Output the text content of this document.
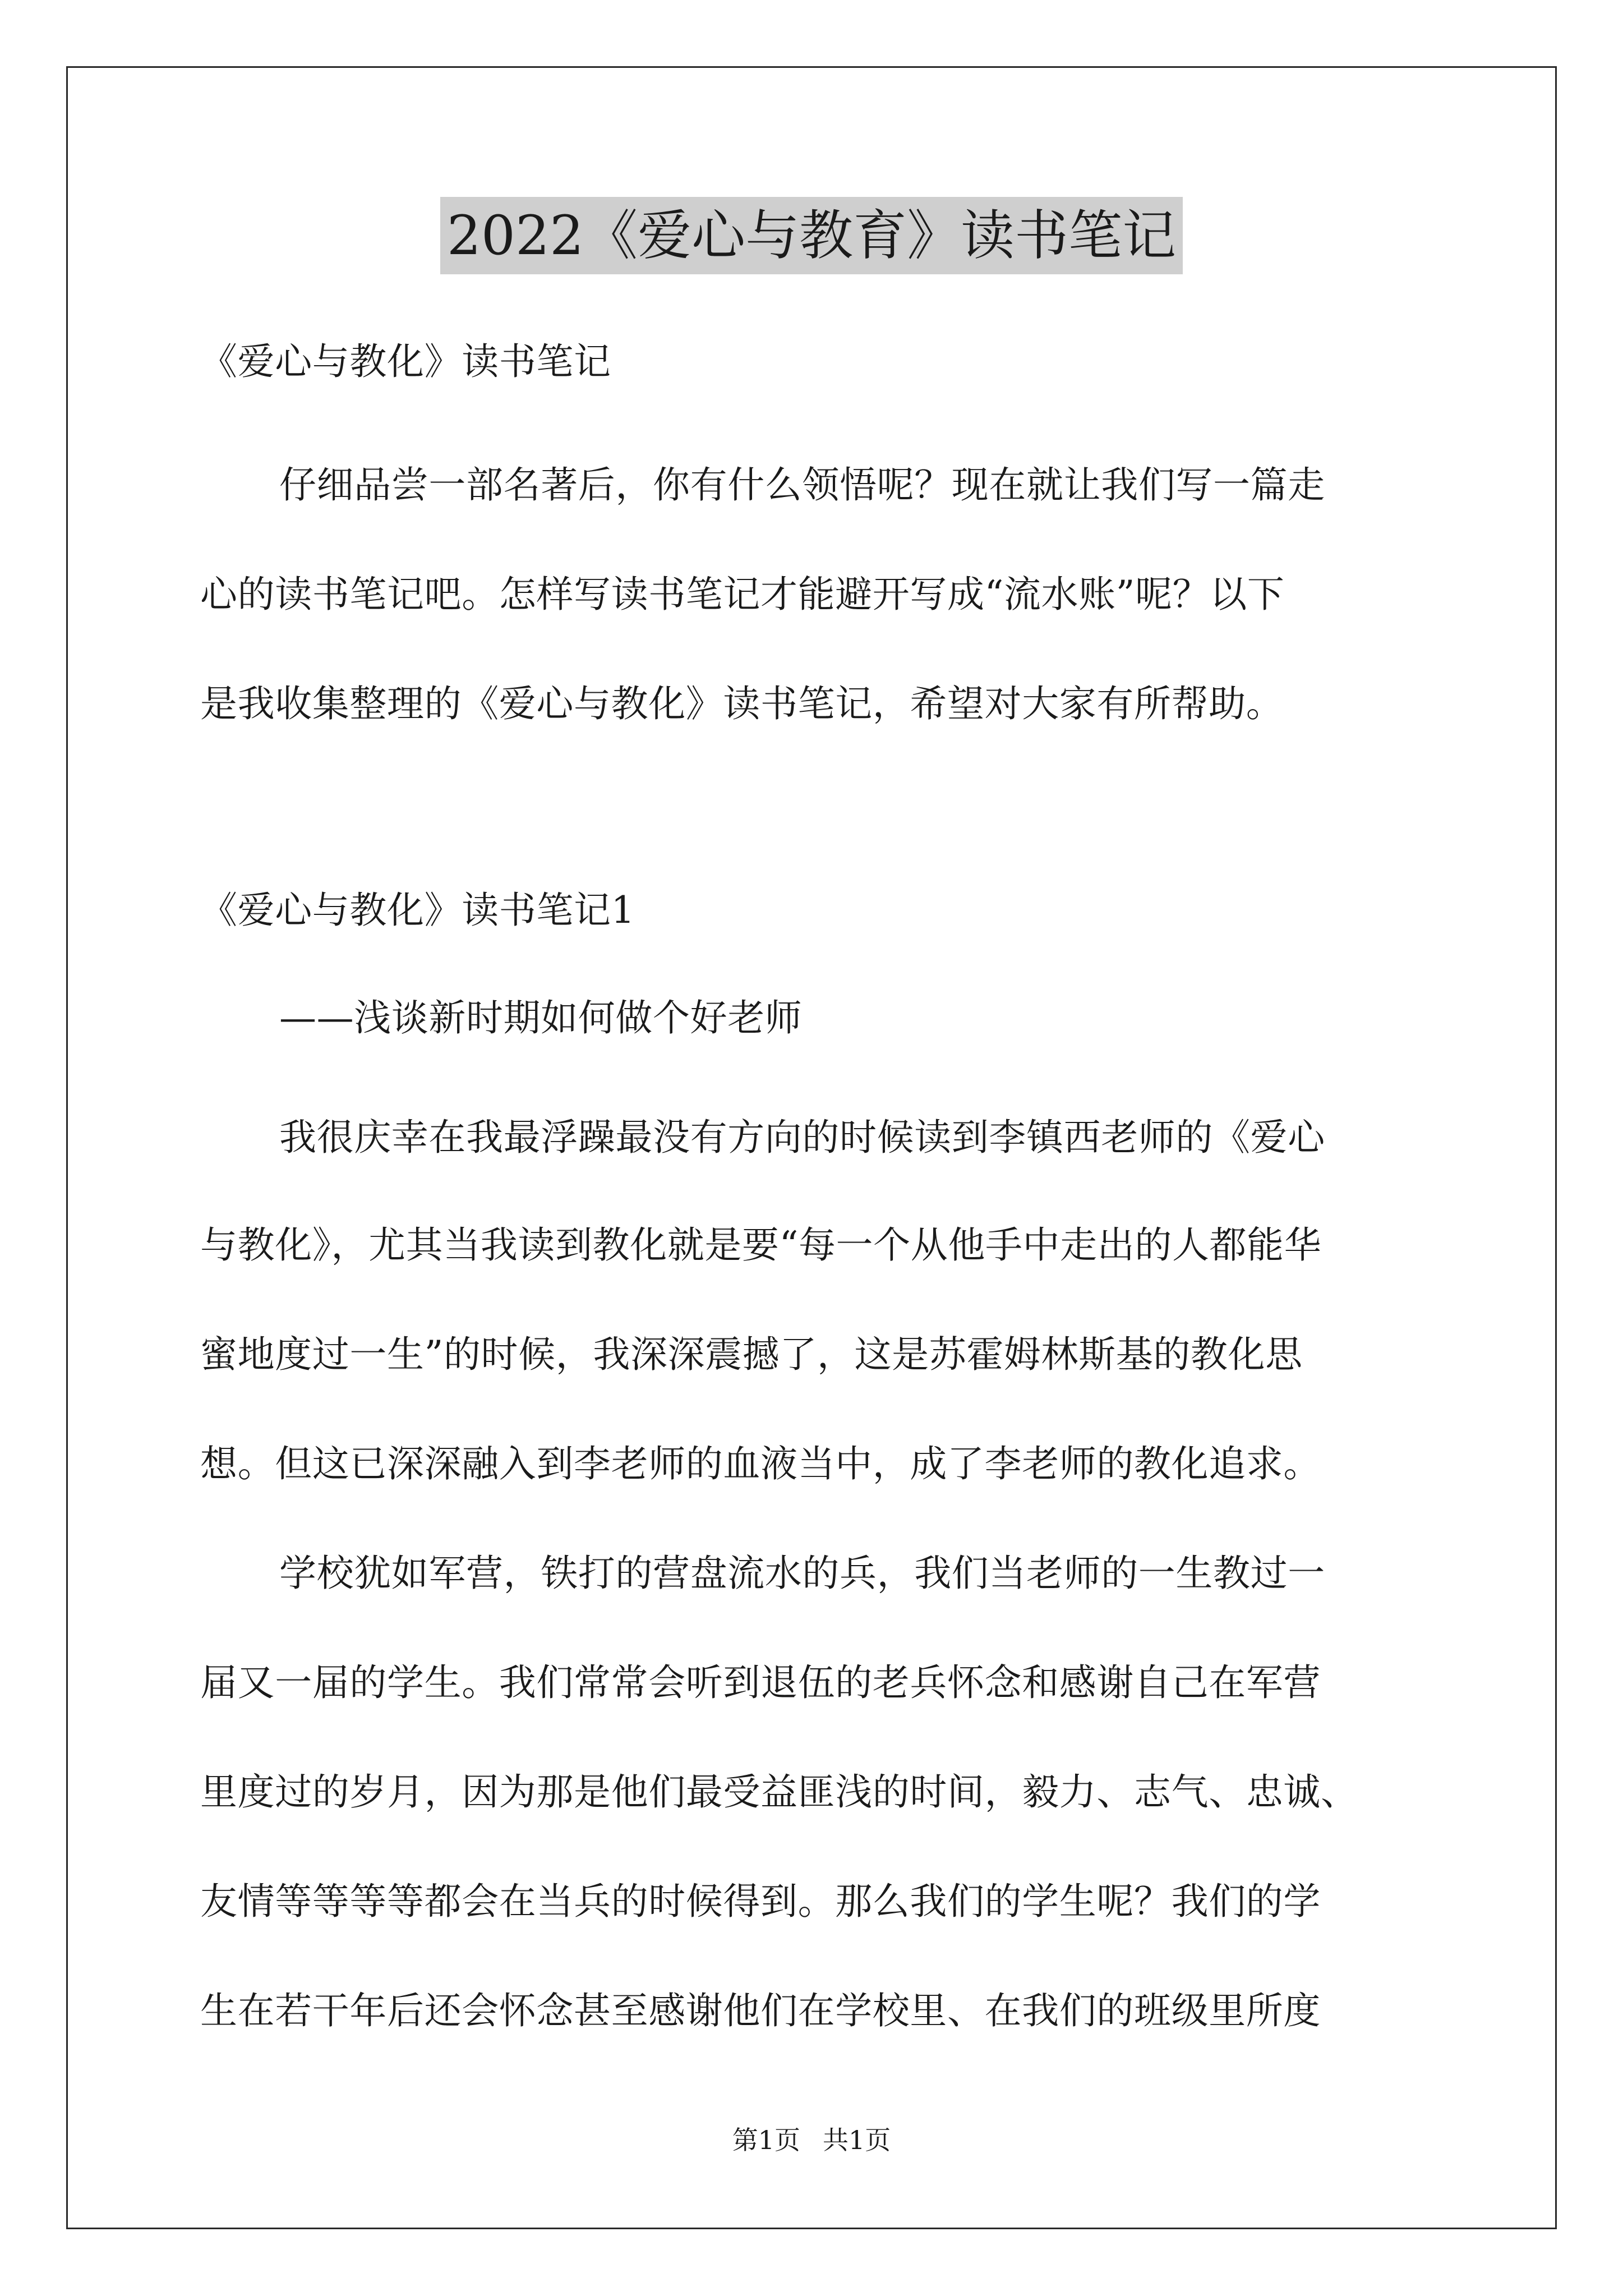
2022《爱心与教育》读书笔记
《爱心与教化》读书笔记
仔细品尝一部名著后，你有什么领悟呢？现在就让我们写一篇走
心的读书笔记吧。怎样写读书笔记才能避开写成“流水账”呢？以下
是我收集整理的《爱心与教化》读书笔记，希望对大家有所帮助。
《爱心与教化》读书笔记1
——浅谈新时期如何做个好老师
我很庆幸在我最浮躁最没有方向的时候读到李镇西老师的《爱心
与教化》，尤其当我读到教化就是要“每一个从他手中走出的人都能华
蜜地度过一生”的时候，我深深震撼了，这是苏霍姆林斯基的教化思
想。但这已深深融入到李老师的血液当中，成了李老师的教化追求。
学校犹如军营，铁打的营盘流水的兵，我们当老师的一生教过一
届又一届的学生。我们常常会听到退伍的老兵怀念和感谢自己在军营
里度过的岁月，因为那是他们最受益匪浅的时间，毅力、志气、忠诚、
友情等等等等都会在当兵的时候得到。那么我们的学生呢？我们的学
生在若干年后还会怀念甚至感谢他们在学校里、在我们的班级里所度
第1页 共1页
